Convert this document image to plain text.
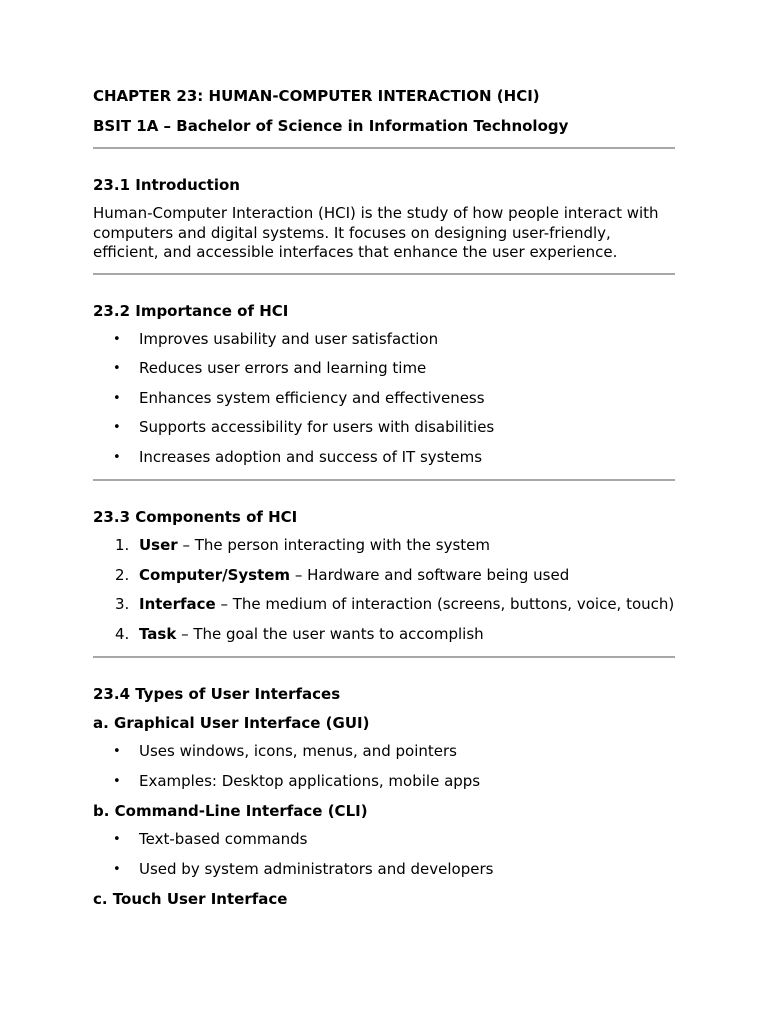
CHAPTER 23: HUMAN-COMPUTER INTERACTION (HCI)

BSIT 1A – Bachelor of Science in Information Technology

23.1 Introduction

Human-Computer Interaction (HCI) is the study of how people interact with computers and digital systems. It focuses on designing user-friendly, efficient, and accessible interfaces that enhance the user experience.

23.2 Importance of HCI

• Improves usability and user satisfaction
• Reduces user errors and learning time
• Enhances system efficiency and effectiveness
• Supports accessibility for users with disabilities
• Increases adoption and success of IT systems

23.3 Components of HCI

1. User – The person interacting with the system
2. Computer/System – Hardware and software being used
3. Interface – The medium of interaction (screens, buttons, voice, touch)
4. Task – The goal the user wants to accomplish

23.4 Types of User Interfaces

a. Graphical User Interface (GUI)

• Uses windows, icons, menus, and pointers
• Examples: Desktop applications, mobile apps

b. Command-Line Interface (CLI)

• Text-based commands
• Used by system administrators and developers

c. Touch User Interface
